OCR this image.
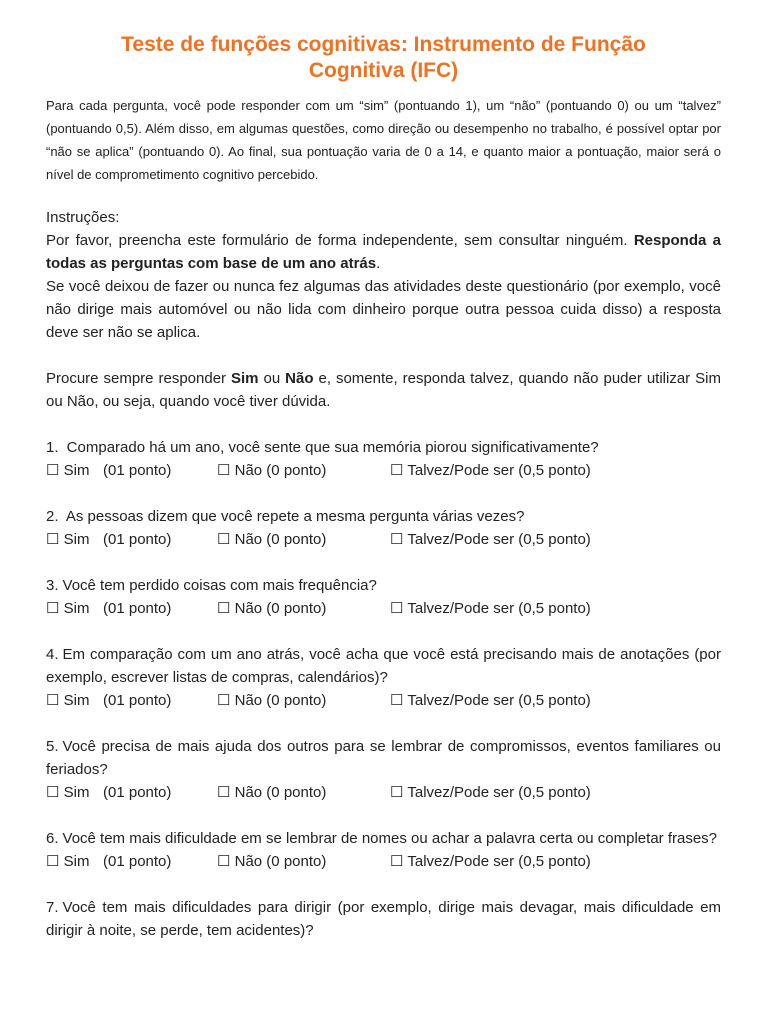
Teste de funções cognitivas: Instrumento de Função
Cognitiva (IFC)

Para cada pergunta, você pode responder com um “sim” (pontuando 1), um “não” (pontuando 0) ou um “talvez” (pontuando 0,5). Além disso, em algumas questões, como direção ou desempenho no trabalho, é possível optar por “não se aplica” (pontuando 0). Ao final, sua pontuação varia de 0 a 14, e quanto maior a pontuação, maior será o nível de comprometimento cognitivo percebido.

Instruções:
Por favor, preencha este formulário de forma independente, sem consultar ninguém. Responda a todas as perguntas com base de um ano atrás.
Se você deixou de fazer ou nunca fez algumas das atividades deste questionário (por exemplo, você não dirige mais automóvel ou não lida com dinheiro porque outra pessoa cuida disso) a resposta deve ser não se aplica.
Procure sempre responder Sim ou Não e, somente, responda talvez, quando não puder utilizar Sim ou Não, ou seja, quando você tiver dúvida.
1. Comparado há um ano, você sente que sua memória piorou significativamente?
☐ Sim (01 ponto)	☐ Não (0 ponto)	☐ Talvez/Pode ser (0,5 ponto)
2. As pessoas dizem que você repete a mesma pergunta várias vezes?
☐ Sim (01 ponto)	☐ Não (0 ponto)	☐ Talvez/Pode ser (0,5 ponto)
3. Você tem perdido coisas com mais frequência?
☐ Sim (01 ponto)	☐ Não (0 ponto)	☐ Talvez/Pode ser (0,5 ponto)
4. Em comparação com um ano atrás, você acha que você está precisando mais de anotações (por exemplo, escrever listas de compras, calendários)?
☐ Sim (01 ponto)	☐ Não (0 ponto)	☐ Talvez/Pode ser (0,5 ponto)
5. Você precisa de mais ajuda dos outros para se lembrar de compromissos, eventos familiares ou feriados?
☐ Sim (01 ponto)	☐ Não (0 ponto)	☐ Talvez/Pode ser (0,5 ponto)
6. Você tem mais dificuldade em se lembrar de nomes ou achar a palavra certa ou completar frases?
☐ Sim (01 ponto)	☐ Não (0 ponto)	☐ Talvez/Pode ser (0,5 ponto)
7. Você tem mais dificuldades para dirigir (por exemplo, dirige mais devagar, mais dificuldade em dirigir à noite, se perde, tem acidentes)?
